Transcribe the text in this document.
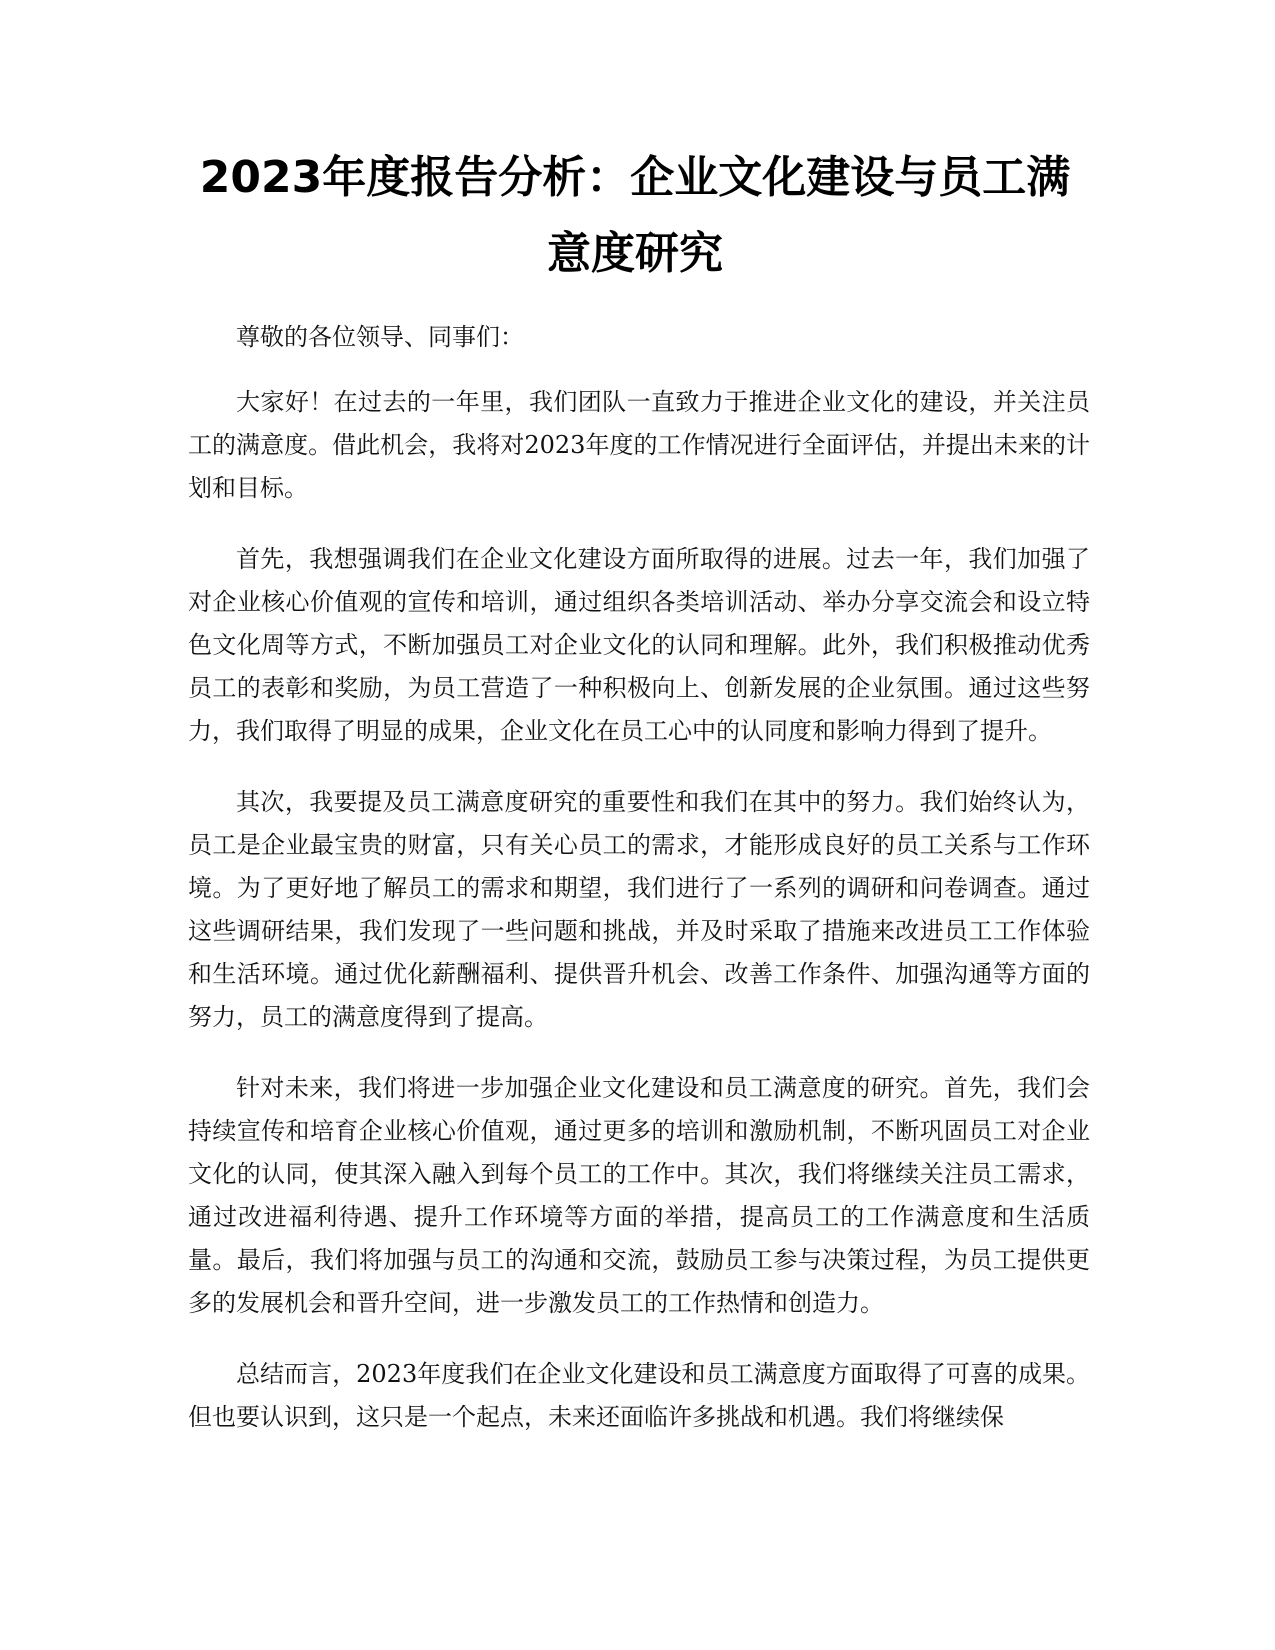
2023年度报告分析：企业文化建设与员工满意度研究

尊敬的各位领导、同事们：

大家好！在过去的一年里，我们团队一直致力于推进企业文化的建设，并关注员工的满意度。借此机会，我将对2023年度的工作情况进行全面评估，并提出未来的计划和目标。

首先，我想强调我们在企业文化建设方面所取得的进展。过去一年，我们加强了对企业核心价值观的宣传和培训，通过组织各类培训活动、举办分享交流会和设立特色文化周等方式，不断加强员工对企业文化的认同和理解。此外，我们积极推动优秀员工的表彰和奖励，为员工营造了一种积极向上、创新发展的企业氛围。通过这些努力，我们取得了明显的成果，企业文化在员工心中的认同度和影响力得到了提升。

其次，我要提及员工满意度研究的重要性和我们在其中的努力。我们始终认为，员工是企业最宝贵的财富，只有关心员工的需求，才能形成良好的员工关系与工作环境。为了更好地了解员工的需求和期望，我们进行了一系列的调研和问卷调查。通过这些调研结果，我们发现了一些问题和挑战，并及时采取了措施来改进员工工作体验和生活环境。通过优化薪酬福利、提供晋升机会、改善工作条件、加强沟通等方面的努力，员工的满意度得到了提高。

针对未来，我们将进一步加强企业文化建设和员工满意度的研究。首先，我们会持续宣传和培育企业核心价值观，通过更多的培训和激励机制，不断巩固员工对企业文化的认同，使其深入融入到每个员工的工作中。其次，我们将继续关注员工需求，通过改进福利待遇、提升工作环境等方面的举措，提高员工的工作满意度和生活质量。最后，我们将加强与员工的沟通和交流，鼓励员工参与决策过程，为员工提供更多的发展机会和晋升空间，进一步激发员工的工作热情和创造力。

总结而言，2023年度我们在企业文化建设和员工满意度方面取得了可喜的成果。但也要认识到，这只是一个起点，未来还面临许多挑战和机遇。我们将继续保
